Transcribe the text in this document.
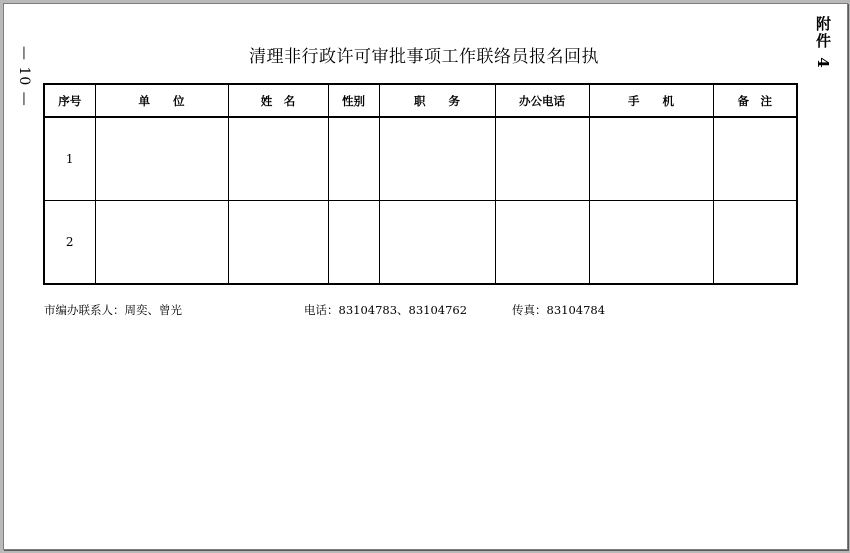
— 10 —
附件 4
清理非行政许可审批事项工作联络员报名回执
序号	单　　位	姓　名	性别	职　　务	办公电话	手　　机	备　注
1							
2							
市编办联系人：周奕、曾光	电话：83104783、83104762	传真：83104784
